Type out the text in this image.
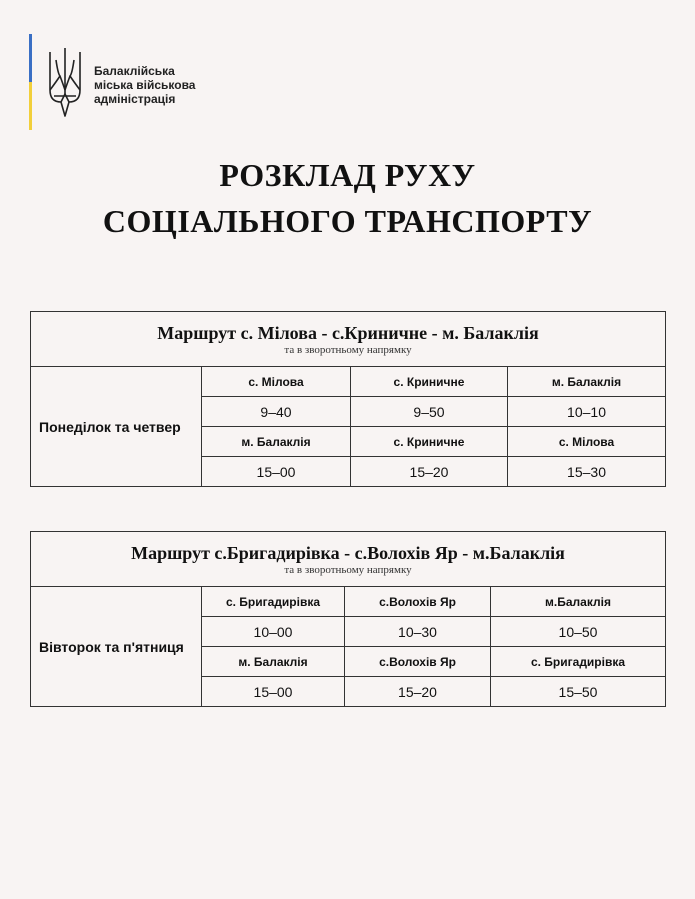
Балаклійська
міська військова
адміністрація
РОЗКЛАД РУХУ
СОЦІАЛЬНОГО ТРАНСПОРТУ
Маршрут с. Мілова - с.Криничне - м. Балаклія
та в зворотньому напрямку			

Понеділок та четвер	с. Мілова	с. Криничне	м. Балаклія
	9–40	9–50	10–10
	м. Балаклія	с. Криничне	с. Мілова
	15–00	15–20	15–30
Маршрут с.Бригадирівка - с.Волохів Яр - м.Балаклія
та в зворотньому напрямку			

Вівторок та п'ятниця	с. Бригадирівка	с.Волохів Яр	м.Балаклія
	10–00	10–30	10–50
	м. Балаклія	с.Волохів Яр	с. Бригадирівка
	15–00	15–20	15–50
